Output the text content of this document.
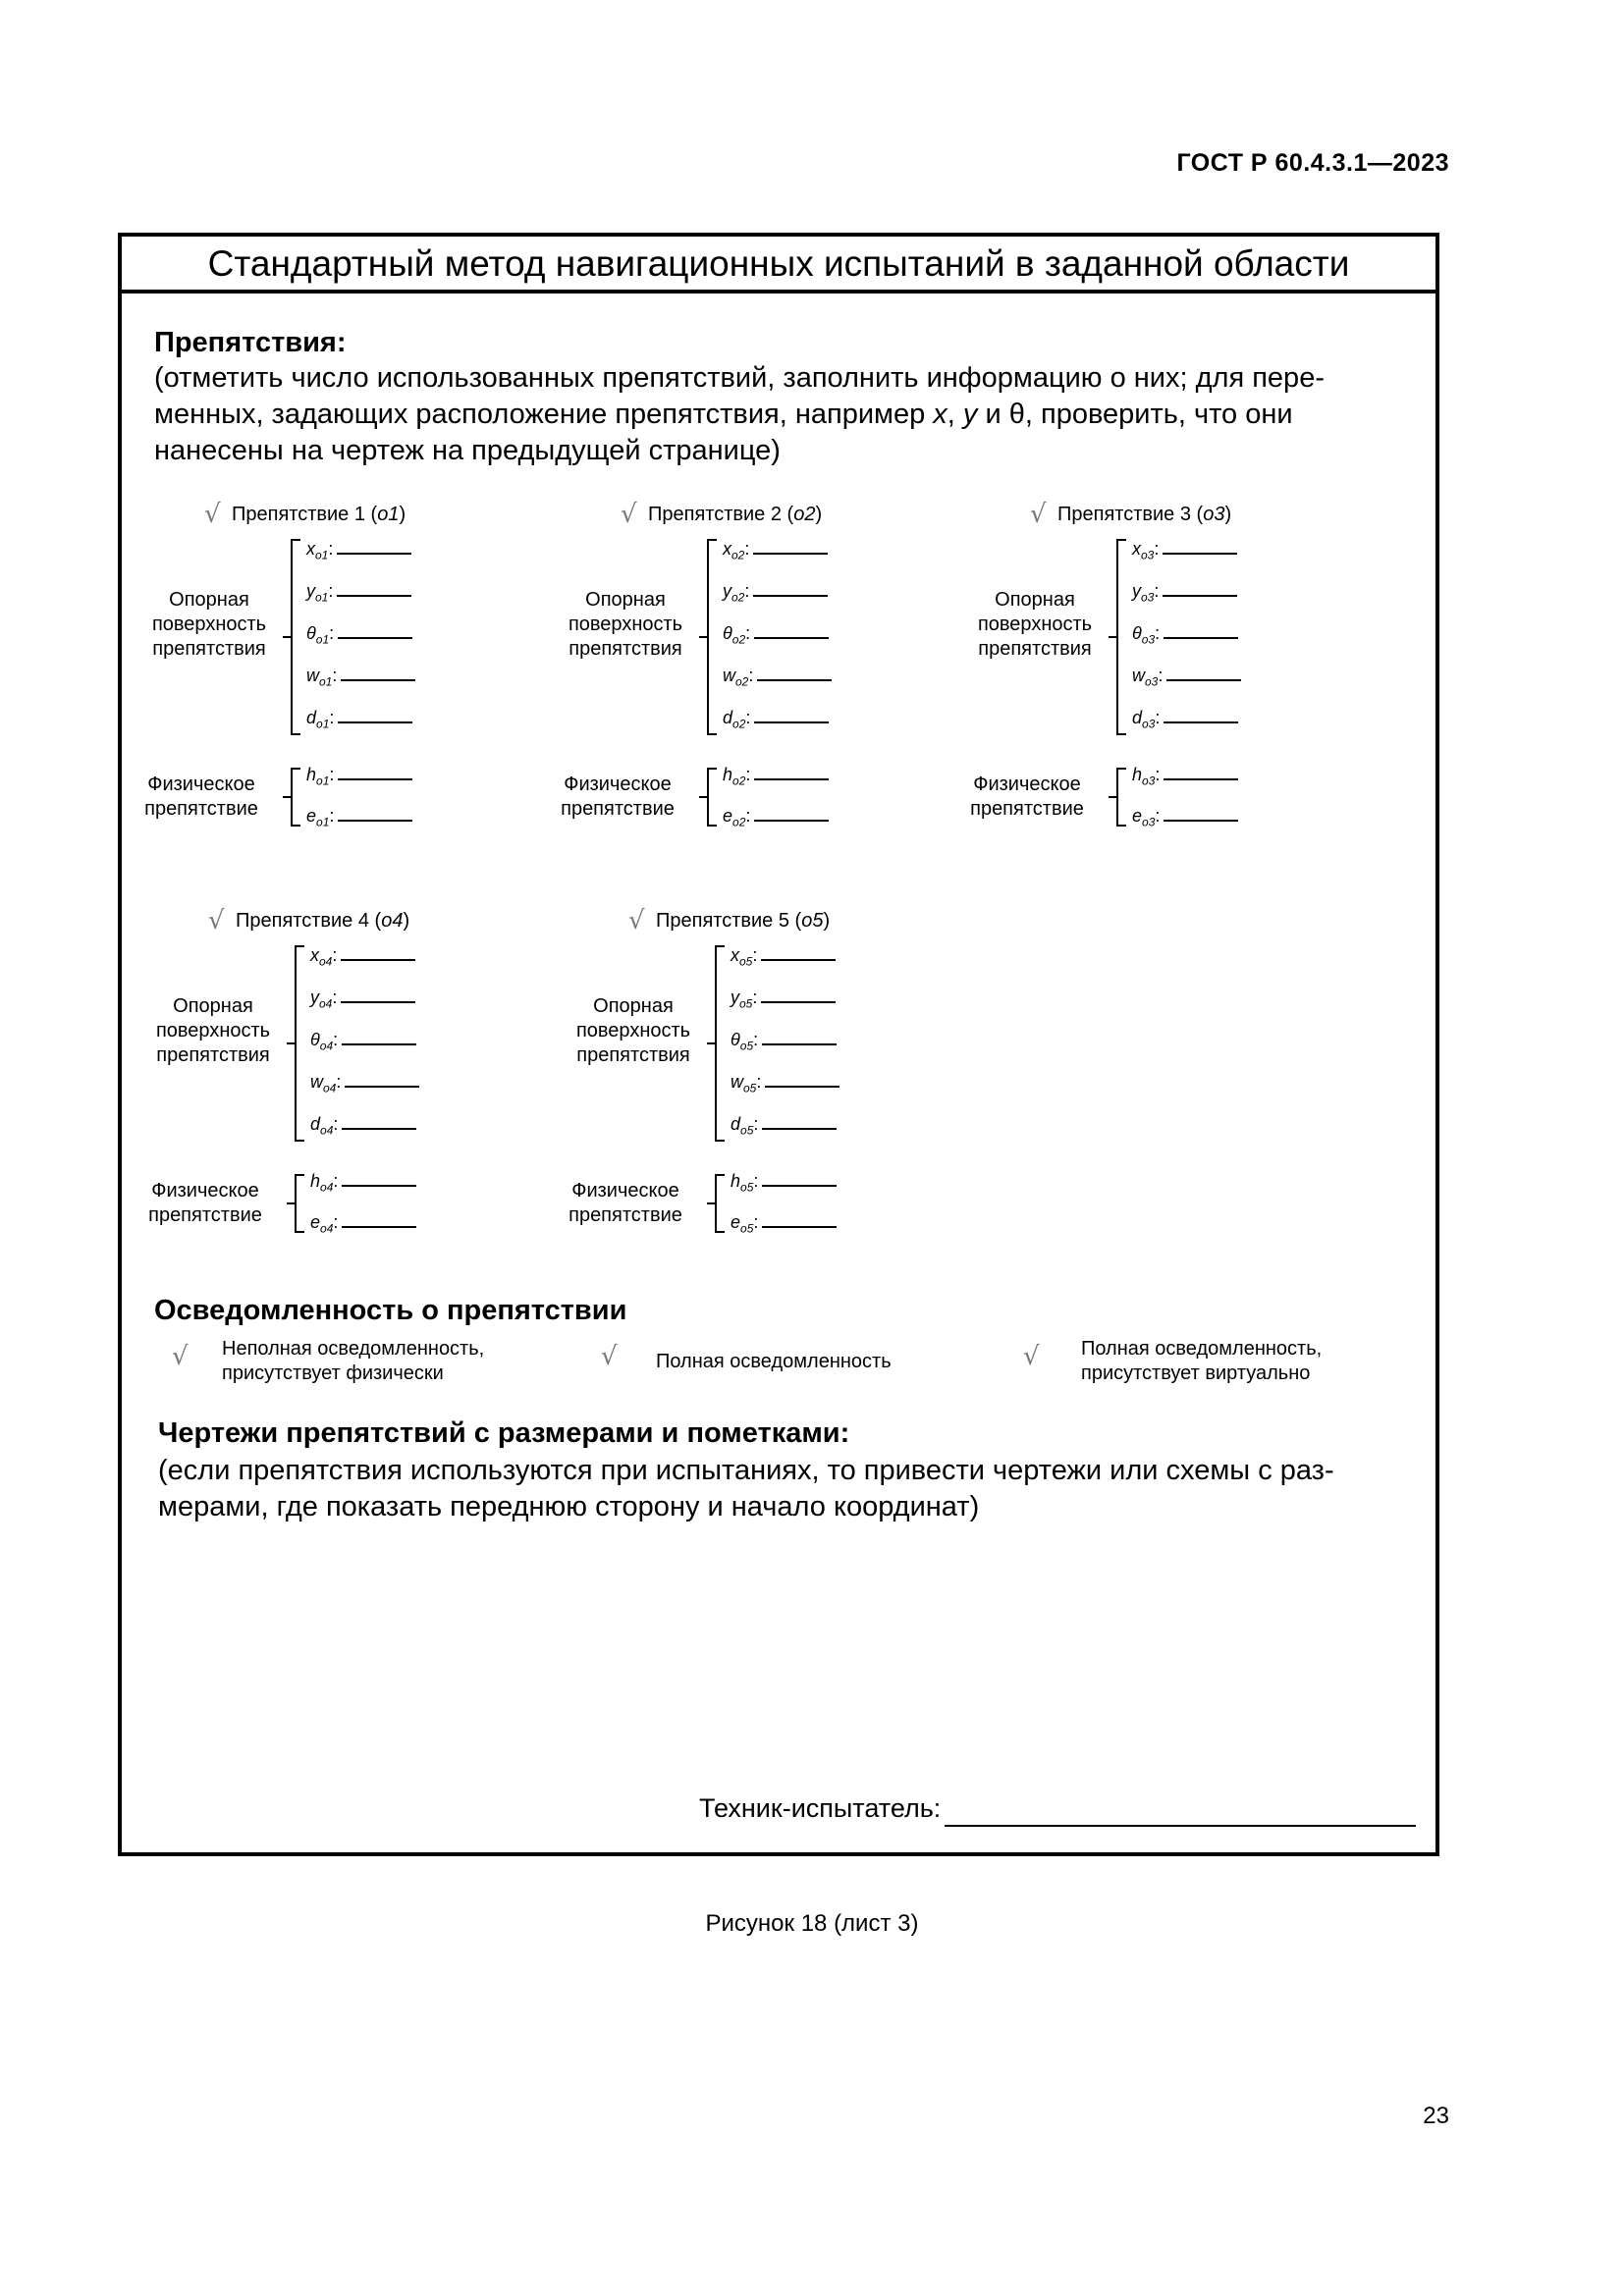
ГОСТ Р 60.4.3.1—2023
Стандартный метод навигационных испытаний в заданной области
Препятствия:
(отметить число использованных препятствий, заполнить информацию о них; для пере-
менных, задающих расположение препятствия, например x, y и θ, проверить, что они
нанесены на чертеж на предыдущей странице)
√ Препятствие 1 (o1)
Опорная
поверхность
препятствия
$x_{o1}$:
$y_{o1}$:
$\theta_{o1}$:
$w_{o1}$:
$d_{o1}$:
Физическое
препятствие
$h_{o1}$:
$e_{o1}$:
√ Препятствие 2 (o2)
Опорная
поверхность
препятствия
$x_{o2}$:
$y_{o2}$:
$\theta_{o2}$:
$w_{o2}$:
$d_{o2}$:
Физическое
препятствие
$h_{o2}$:
$e_{o2}$:
√ Препятствие 3 (o3)
Опорная
поверхность
препятствия
$x_{o3}$:
$y_{o3}$:
$\theta_{o3}$:
$w_{o3}$:
$d_{o3}$:
Физическое
препятствие
$h_{o3}$:
$e_{o3}$:
√ Препятствие 4 (o4)
Опорная
поверхность
препятствия
$x_{o4}$:
$y_{o4}$:
$\theta_{o4}$:
$w_{o4}$:
$d_{o4}$:
Физическое
препятствие
$h_{o4}$:
$e_{o4}$:
√ Препятствие 5 (o5)
Опорная
поверхность
препятствия
$x_{o5}$:
$y_{o5}$:
$\theta_{o5}$:
$w_{o5}$:
$d_{o5}$:
Физическое
препятствие
$h_{o5}$:
$e_{o5}$:
Осведомленность о препятствии
√ Неполная осведомленность,
присутствует физически
√ Полная осведомленность	√ Полная осведомленность,
присутствует виртуально
Чертежи препятствий с размерами и пометками:
(если препятствия используются при испытаниях, то привести чертежи или схемы с раз-
мерами, где показать переднюю сторону и начало координат)
Техник-испытатель:
Рисунок 18 (лист 3)
23
